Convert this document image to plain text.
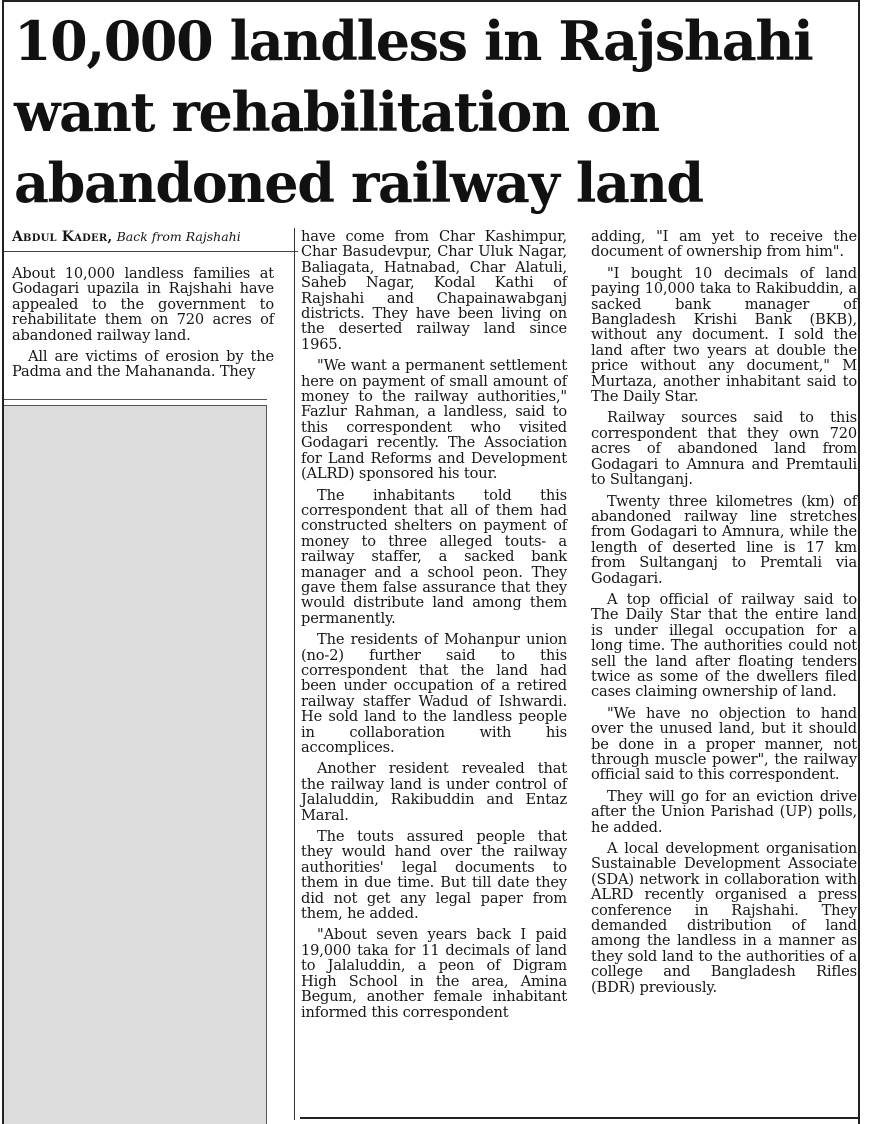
10,000 landless in Rajshahi
want rehabilitation on
abandoned railway land
Abdul Kader, Back from Rajshahi

About 10,000 landless families at Godagari upazila in Rajshahi have appealed to the government to rehabilitate them on 720 acres of abandoned railway land.

All are victims of erosion by the Padma and the Mahananda. They

have come from Char Kashimpur, Char Basudevpur, Char Uluk Nagar, Baliagata, Hatnabad, Char Alatuli, Saheb Nagar, Kodal Kathi of Rajshahi and Chapainawabganj districts. They have been living on the deserted railway land since 1965.

"We want a permanent settlement here on payment of small amount of money to the railway authorities," Fazlur Rahman, a landless, said to this correspondent who visited Godagari recently. The Association for Land Reforms and Development (ALRD) sponsored his tour.

The inhabitants told this correspondent that all of them had constructed shelters on payment of money to three alleged touts- a railway staffer, a sacked bank manager and a school peon. They gave them false assurance that they would distribute land among them permanently.

The residents of Mohanpur union (no-2) further said to this correspondent that the land had been under occupation of a retired railway staffer Wadud of Ishwardi. He sold land to the landless people in collaboration with his accomplices.

Another resident revealed that the railway land is under control of Jalaluddin, Rakibuddin and Entaz Maral.

The touts assured people that they would hand over the railway authorities' legal documents to them in due time. But till date they did not get any legal paper from them, he added.

"About seven years back I paid 19,000 taka for 11 decimals of land to Jalaluddin, a peon of Digram High School in the area, Amina Begum, another female inhabitant informed this correspondent

adding, "I am yet to receive the document of ownership from him".

"I bought 10 decimals of land paying 10,000 taka to Rakibuddin, a sacked bank manager of Bangladesh Krishi Bank (BKB), without any document. I sold the land after two years at double the price without any document," M Murtaza, another inhabitant said to The Daily Star.

Railway sources said to this correspondent that they own 720 acres of abandoned land from Godagari to Amnura and Premtauli to Sultanganj.

Twenty three kilometres (km) of abandoned railway line stretches from Godagari to Amnura, while the length of deserted line is 17 km from Sultanganj to Premtali via Godagari.

A top official of railway said to The Daily Star that the entire land is under illegal occupation for a long time. The authorities could not sell the land after floating tenders twice as some of the dwellers filed cases claiming ownership of land.

"We have no objection to hand over the unused land, but it should be done in a proper manner, not through muscle power", the railway official said to this correspondent.

They will go for an eviction drive after the Union Parishad (UP) polls, he added.

A local development organisation Sustainable Development Associate (SDA) network in collaboration with ALRD recently organised a press conference in Rajshahi. They demanded distribution of land among the landless in a manner as they sold land to the authorities of a college and Bangladesh Rifles (BDR) previously.
